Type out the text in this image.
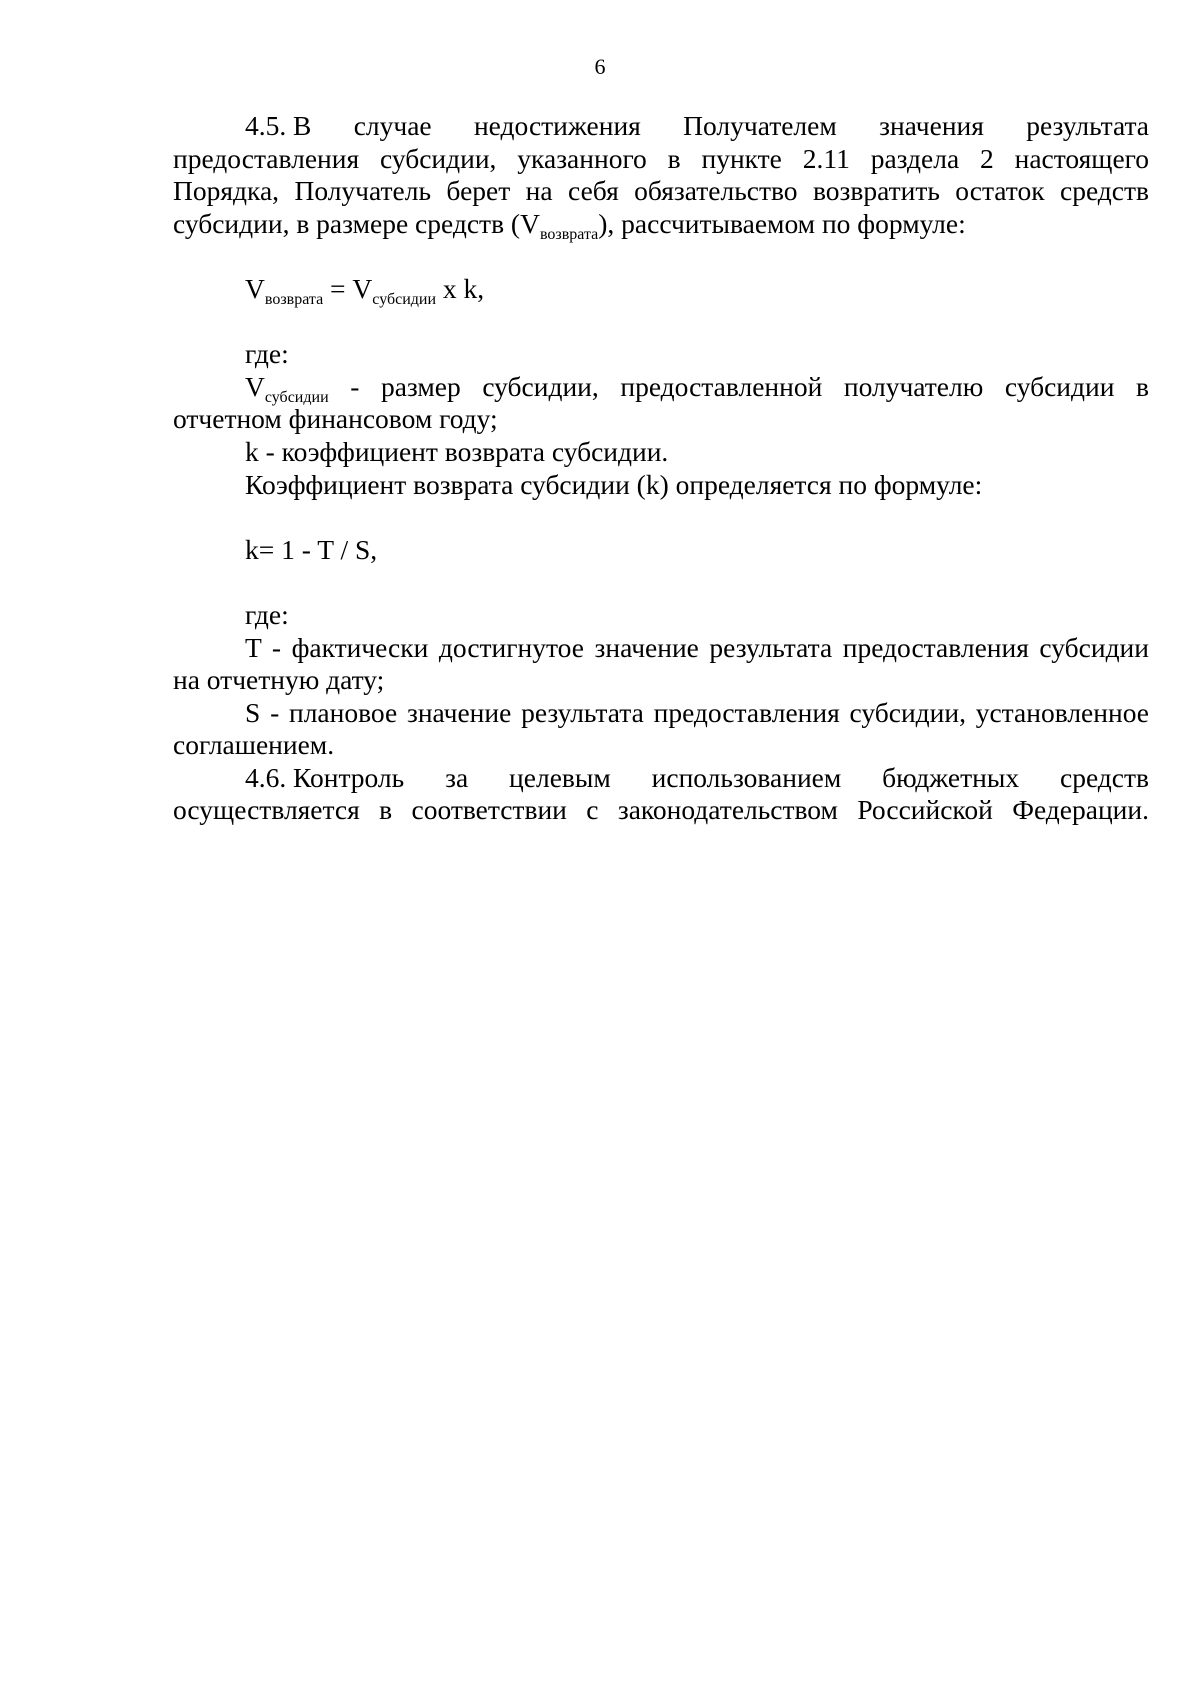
6

4.5. В случае недостижения Получателем значения результата предоставления субсидии, указанного в пункте 2.11 раздела 2 настоящего Порядка, Получатель берет на себя обязательство возвратить остаток средств субсидии, в размере средств $(V_{возврата})$, рассчитываемом по формуле:

$V_{возврата} = V_{субсидии}$ x k,

где:

$V_{субсидии}$ - размер субсидии, предоставленной получателю субсидии в отчетном финансовом году;

k - коэффициент возврата субсидии.

Коэффициент возврата субсидии (k) определяется по формуле:

k= 1 - T / S,

где:

T - фактически достигнутое значение результата предоставления субсидии на отчетную дату;

S - плановое значение результата предоставления субсидии, установленное соглашением.

4.6. Контроль за целевым использованием бюджетных средств осуществляется в соответствии с законодательством Российской Федерации.
